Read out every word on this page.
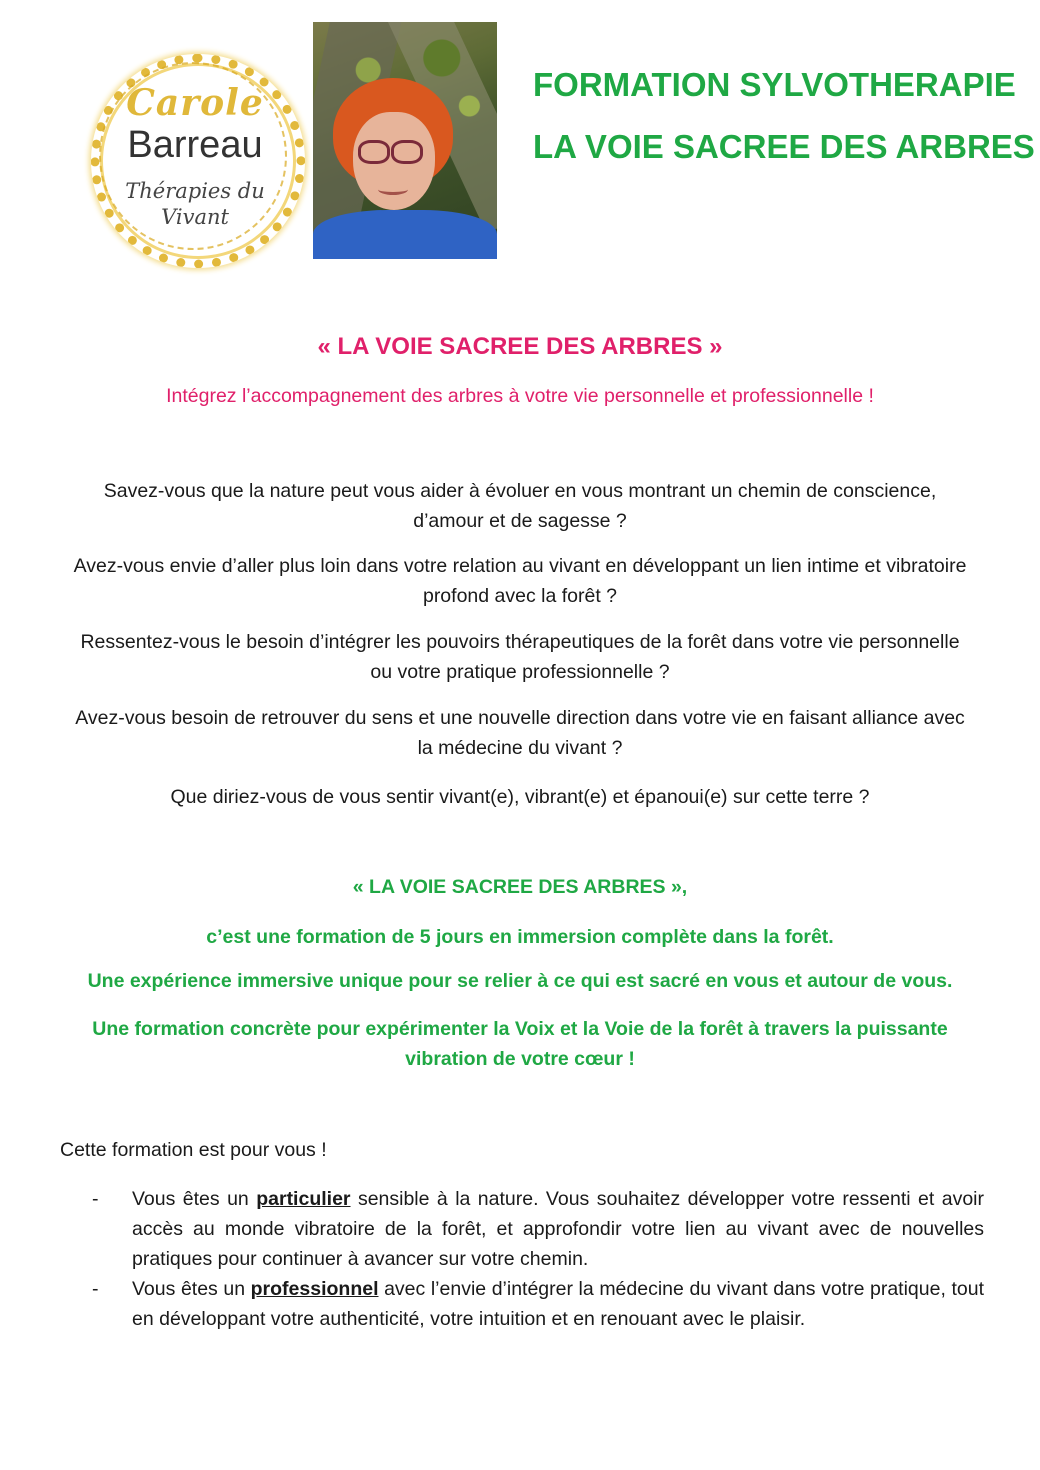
Carole
Barreau
Thérapies du
Vivant
FORMATION SYLVOTHERAPIE
LA VOIE SACREE DES ARBRES
« LA VOIE SACREE DES ARBRES »
Intégrez l’accompagnement des arbres à votre vie personnelle et professionnelle !
Savez-vous que la nature peut vous aider à évoluer en vous montrant un chemin de conscience,
d’amour et de sagesse ?
Avez-vous envie d’aller plus loin dans votre relation au vivant en développant un lien intime et vibratoire
profond avec la forêt ?
Ressentez-vous le besoin d’intégrer les pouvoirs thérapeutiques de la forêt dans votre vie personnelle
ou votre pratique professionnelle ?
Avez-vous besoin de retrouver du sens et une nouvelle direction dans votre vie en faisant alliance avec
la médecine du vivant ?
Que diriez-vous de vous sentir vivant(e), vibrant(e) et épanoui(e) sur cette terre ?
« LA VOIE SACREE DES ARBRES »,
c’est une formation de 5 jours en immersion complète dans la forêt.
Une expérience immersive unique pour se relier à ce qui est sacré en vous et autour de vous.
Une formation concrète pour expérimenter la Voix et la Voie de la forêt à travers la puissante
vibration de votre cœur !
Cette formation est pour vous !
- Vous êtes un particulier sensible à la nature. Vous souhaitez développer votre ressenti et avoir accès au monde vibratoire de la forêt, et approfondir votre lien au vivant avec de nouvelles pratiques pour continuer à avancer sur votre chemin.
- Vous êtes un professionnel avec l’envie d’intégrer la médecine du vivant dans votre pratique, tout en développant votre authenticité, votre intuition et en renouant avec le plaisir.
